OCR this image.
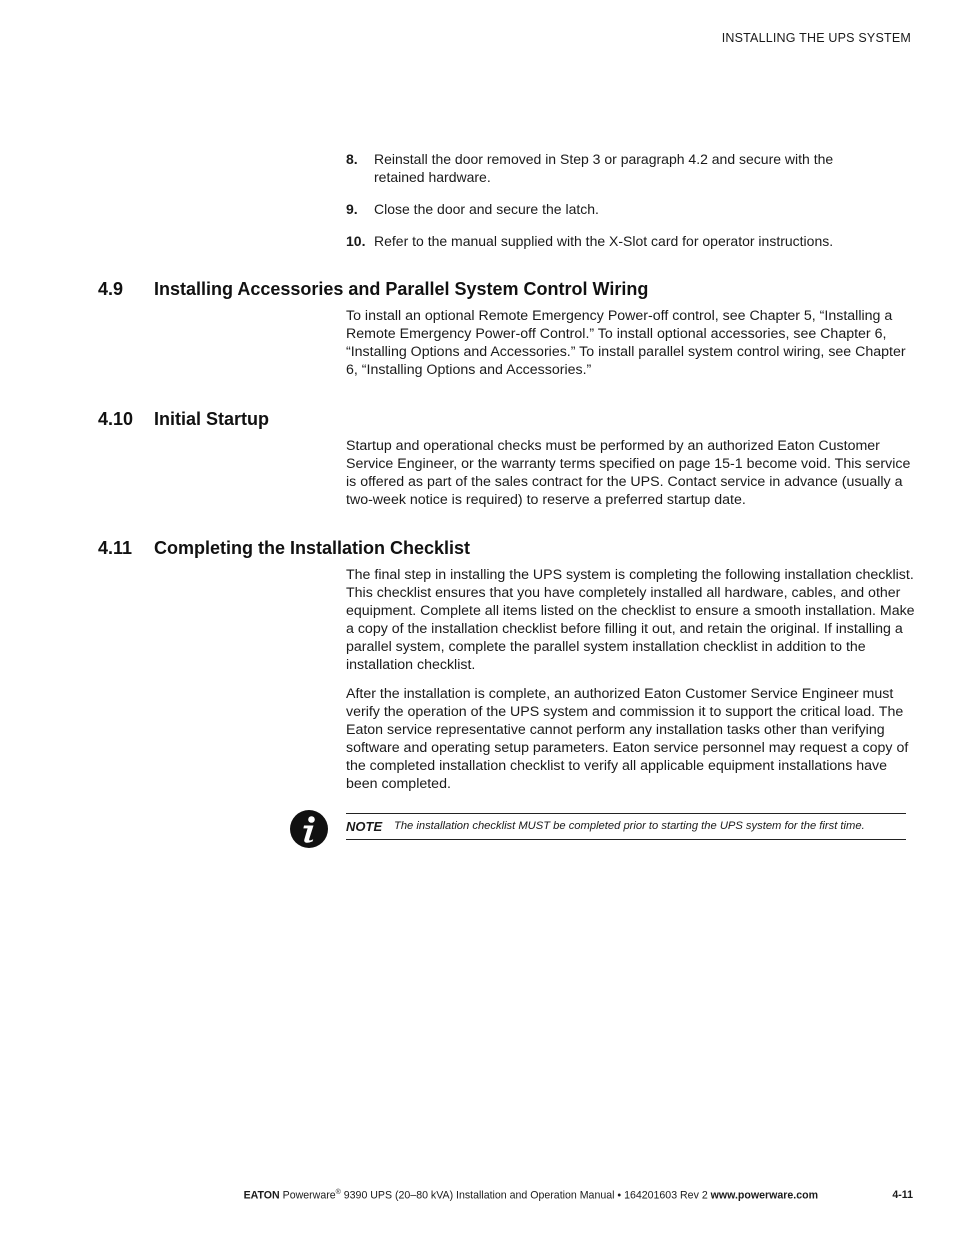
INSTALLING THE UPS SYSTEM
8. Reinstall the door removed in Step 3 or paragraph 4.2 and secure with the retained hardware.
9. Close the door and secure the latch.
10. Refer to the manual supplied with the X-Slot card for operator instructions.
4.9 Installing Accessories and Parallel System Control Wiring

To install an optional Remote Emergency Power-off control, see Chapter 5, “Installing a Remote Emergency Power-off Control.” To install optional accessories, see Chapter 6, “Installing Options and Accessories.” To install parallel system control wiring, see Chapter 6, “Installing Options and Accessories.”

4.10 Initial Startup

Startup and operational checks must be performed by an authorized Eaton Customer Service Engineer, or the warranty terms specified on page 15-1 become void. This service is offered as part of the sales contract for the UPS. Contact service in advance (usually a two-week notice is required) to reserve a preferred startup date.

4.11 Completing the Installation Checklist

The final step in installing the UPS system is completing the following installation checklist. This checklist ensures that you have completely installed all hardware, cables, and other equipment. Complete all items listed on the checklist to ensure a smooth installation. Make a copy of the installation checklist before filling it out, and retain the original. If installing a parallel system, complete the parallel system installation checklist in addition to the installation checklist.

After the installation is complete, an authorized Eaton Customer Service Engineer must verify the operation of the UPS system and commission it to support the critical load. The Eaton service representative cannot perform any installation tasks other than verifying software and operating setup parameters. Eaton service personnel may request a copy of the completed installation checklist to verify all applicable equipment installations have been completed.

NOTE The installation checklist MUST be completed prior to starting the UPS system for the first time.
EATON Powerware® 9390 UPS (20–80 kVA) Installation and Operation Manual • 164201603 Rev 2 www.powerware.com	4-11
